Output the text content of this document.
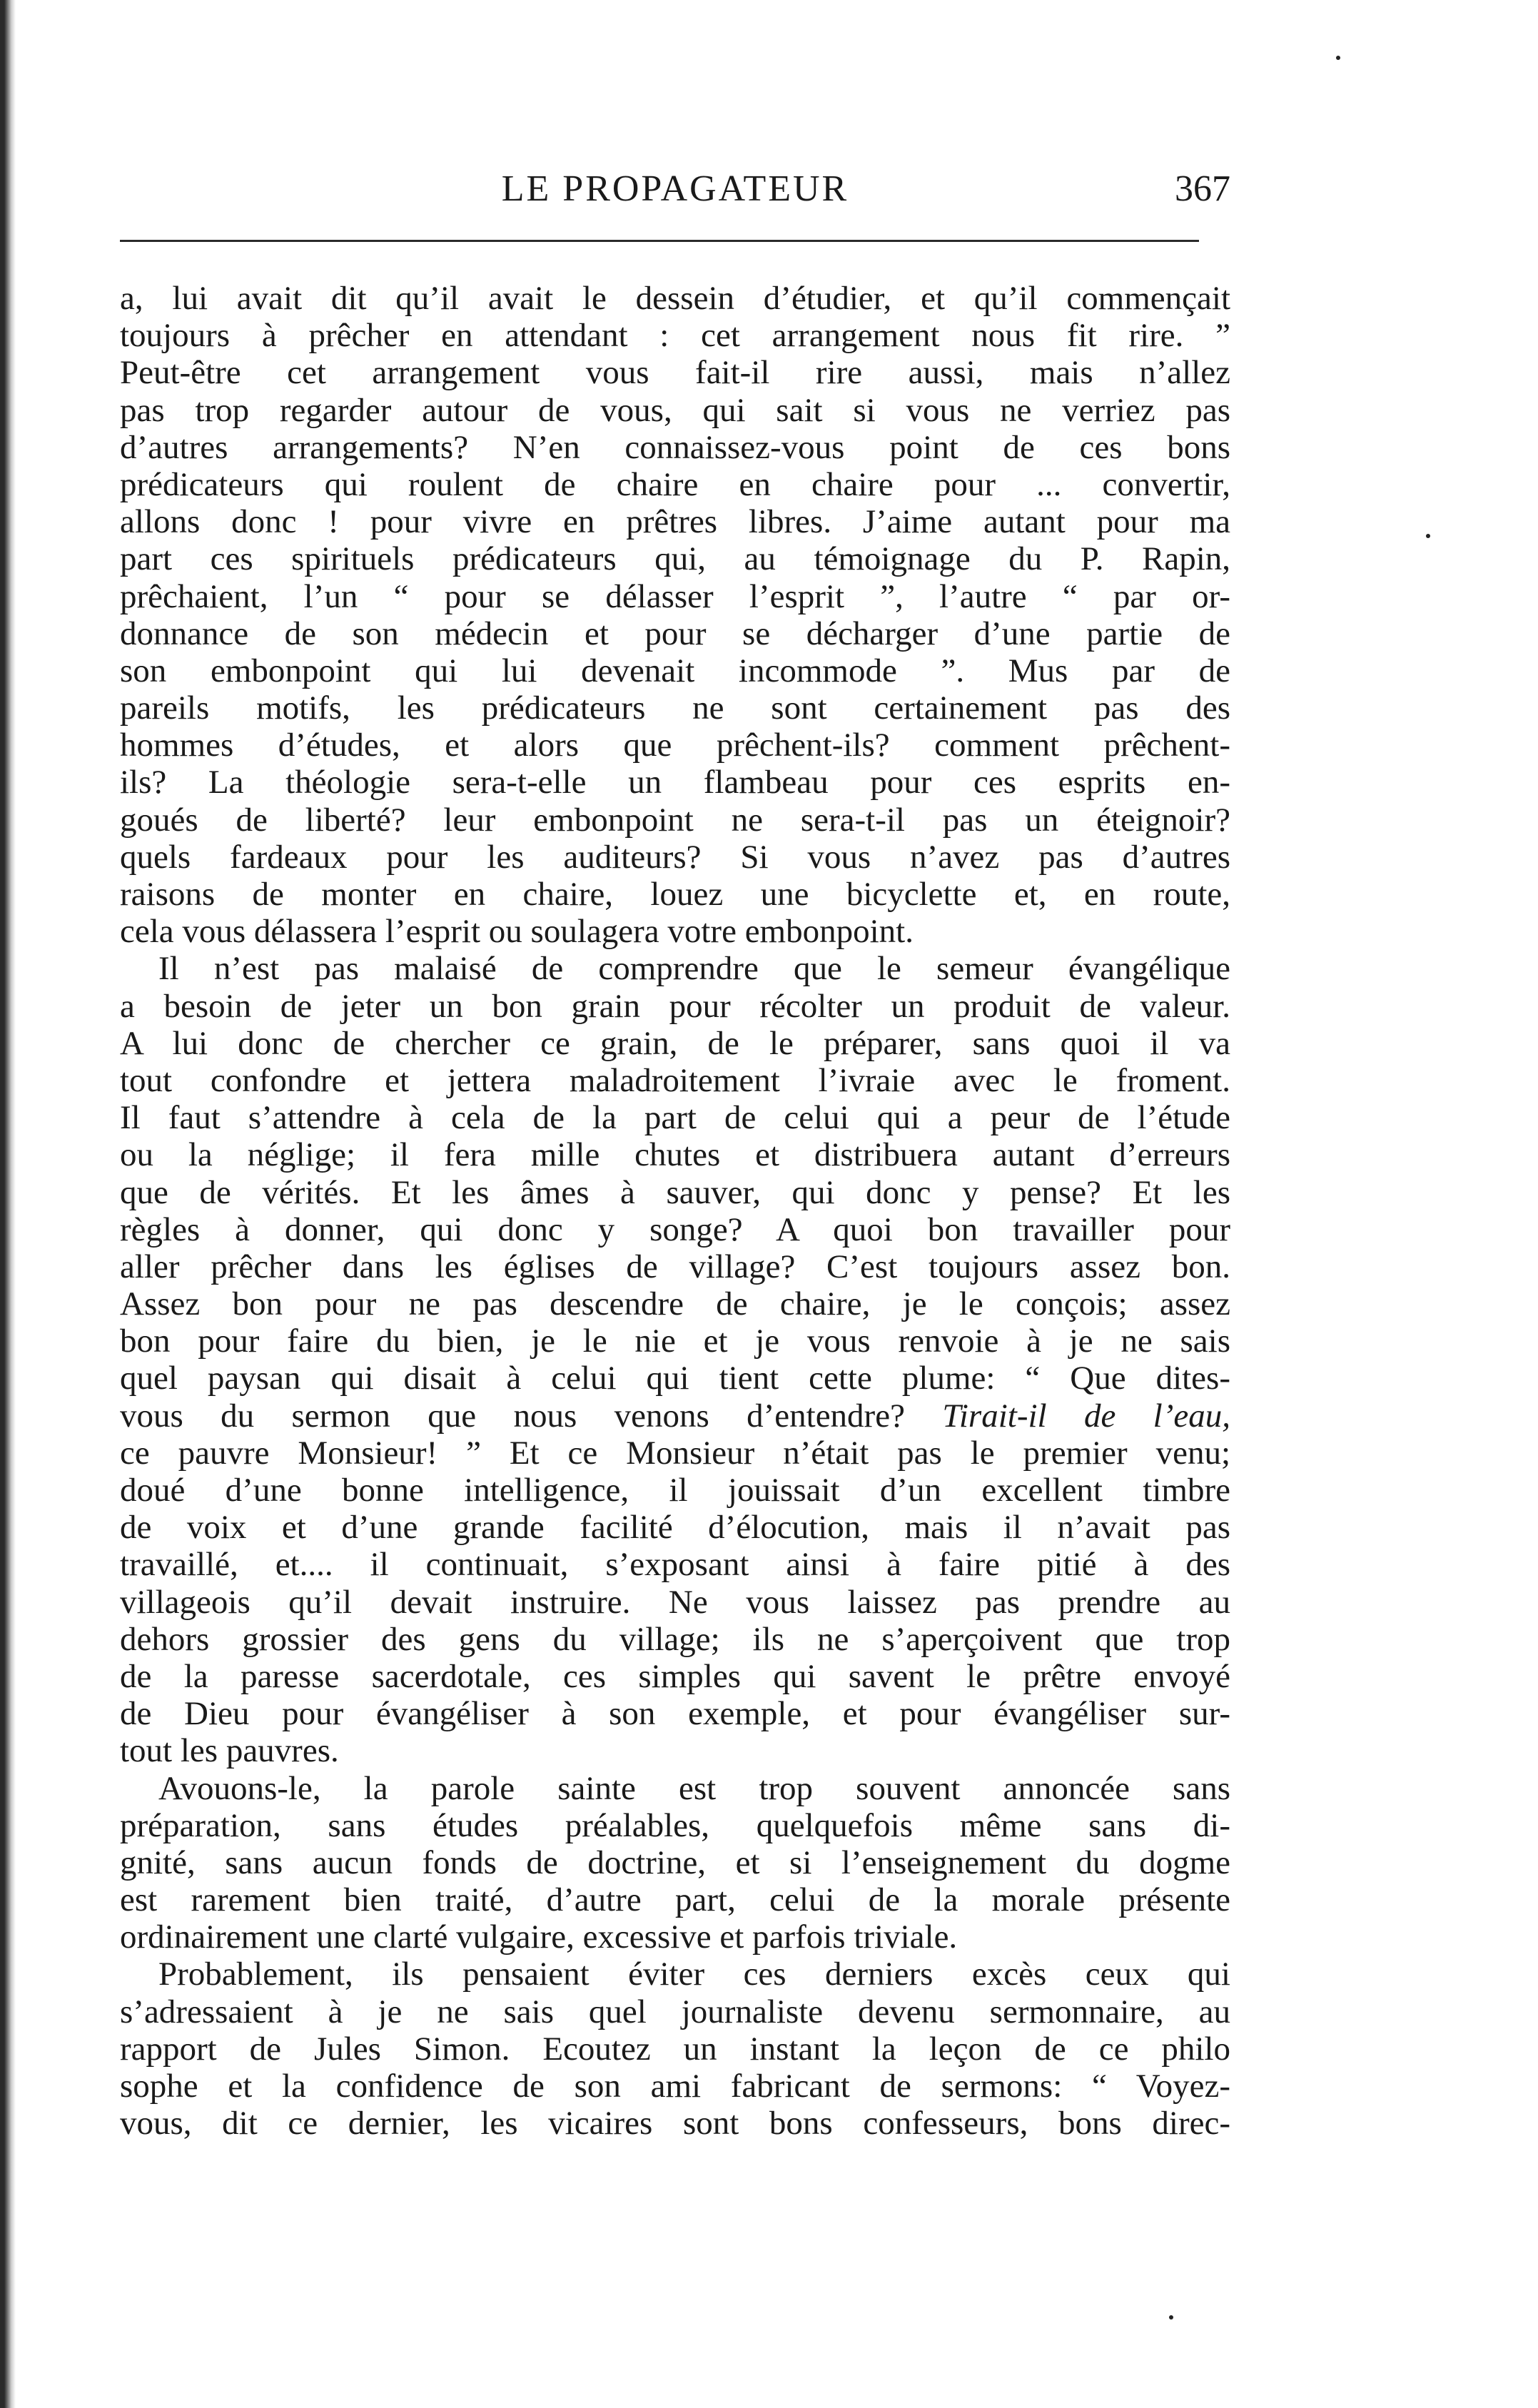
LE PROPAGATEUR	367
a, lui avait dit qu’il avait le dessein d’étudier, et qu’il commençait
toujours à prêcher en attendant : cet arrangement nous fit rire. ”
Peut-être cet arrangement vous fait-il rire aussi, mais n’allez
pas trop regarder autour de vous, qui sait si vous ne verriez pas
d’autres arrangements? N’en connaissez-vous point de ces bons
prédicateurs qui roulent de chaire en chaire pour ... convertir,
allons donc ! pour vivre en prêtres libres. J’aime autant pour ma
part ces spirituels prédicateurs qui, au témoignage du P. Rapin,
prêchaient, l’un “ pour se délasser l’esprit ”, l’autre “ par or-
donnance de son médecin et pour se décharger d’une partie de
son embonpoint qui lui devenait incommode ”. Mus par de
pareils motifs, les prédicateurs ne sont certainement pas des
hommes d’études, et alors que prêchent-ils? comment prêchent-
ils? La théologie sera-t-elle un flambeau pour ces esprits en-
goués de liberté? leur embonpoint ne sera-t-il pas un éteignoir?
quels fardeaux pour les auditeurs? Si vous n’avez pas d’autres
raisons de monter en chaire, louez une bicyclette et, en route,
cela vous délassera l’esprit ou soulagera votre embonpoint.
Il n’est pas malaisé de comprendre que le semeur évangélique
a besoin de jeter un bon grain pour récolter un produit de valeur.
A lui donc de chercher ce grain, de le préparer, sans quoi il va
tout confondre et jettera maladroitement l’ivraie avec le froment.
Il faut s’attendre à cela de la part de celui qui a peur de l’étude
ou la néglige; il fera mille chutes et distribuera autant d’erreurs
que de vérités. Et les âmes à sauver, qui donc y pense? Et les
règles à donner, qui donc y songe? A quoi bon travailler pour
aller prêcher dans les églises de village? C’est toujours assez bon.
Assez bon pour ne pas descendre de chaire, je le conçois; assez
bon pour faire du bien, je le nie et je vous renvoie à je ne sais
quel paysan qui disait à celui qui tient cette plume: “ Que dites-
vous du sermon que nous venons d’entendre? Tirait-il de l’eau,
ce pauvre Monsieur! ” Et ce Monsieur n’était pas le premier venu;
doué d’une bonne intelligence, il jouissait d’un excellent timbre
de voix et d’une grande facilité d’élocution, mais il n’avait pas
travaillé, et.... il continuait, s’exposant ainsi à faire pitié à des
villageois qu’il devait instruire. Ne vous laissez pas prendre au
dehors grossier des gens du village; ils ne s’aperçoivent que trop
de la paresse sacerdotale, ces simples qui savent le prêtre envoyé
de Dieu pour évangéliser à son exemple, et pour évangéliser sur-
tout les pauvres.
Avouons-le, la parole sainte est trop souvent annoncée sans
préparation, sans études préalables, quelquefois même sans di-
gnité, sans aucun fonds de doctrine, et si l’enseignement du dogme
est rarement bien traité, d’autre part, celui de la morale présente
ordinairement une clarté vulgaire, excessive et parfois triviale.
Probablement, ils pensaient éviter ces derniers excès ceux qui
s’adressaient à je ne sais quel journaliste devenu sermonnaire, au
rapport de Jules Simon. Ecoutez un instant la leçon de ce philo
sophe et la confidence de son ami fabricant de sermons: “ Voyez-
vous, dit ce dernier, les vicaires sont bons confesseurs, bons direc-
